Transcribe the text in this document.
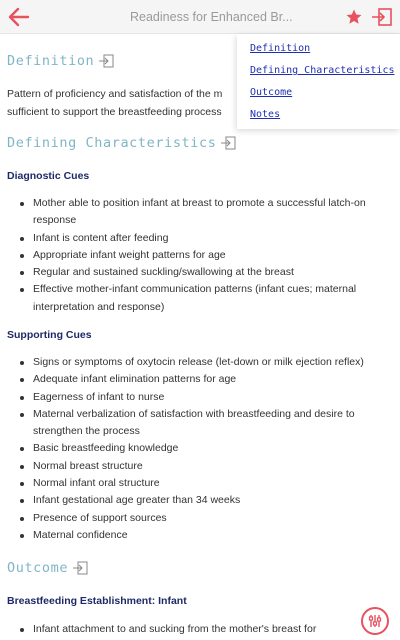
Readiness for Enhanced Br...
Definition
Pattern of proficiency and satisfaction of the m sufficient to support the breastfeeding process
Defining Characteristics
Diagnostic Cues
Mother able to position infant at breast to promote a successful latch-on response
Infant is content after feeding
Appropriate infant weight patterns for age
Regular and sustained suckling/swallowing at the breast
Effective mother-infant communication patterns (infant cues; maternal interpretation and response)
Supporting Cues
Signs or symptoms of oxytocin release (let-down or milk ejection reflex)
Adequate infant elimination patterns for age
Eagerness of infant to nurse
Maternal verbalization of satisfaction with breastfeeding and desire to strengthen the process
Basic breastfeeding knowledge
Normal breast structure
Normal infant oral structure
Infant gestational age greater than 34 weeks
Presence of support sources
Maternal confidence
Outcome
Breastfeeding Establishment: Infant
Infant attachment to and sucking from the mother's breast for
Definition
Defining Characteristics
Outcome
Notes
